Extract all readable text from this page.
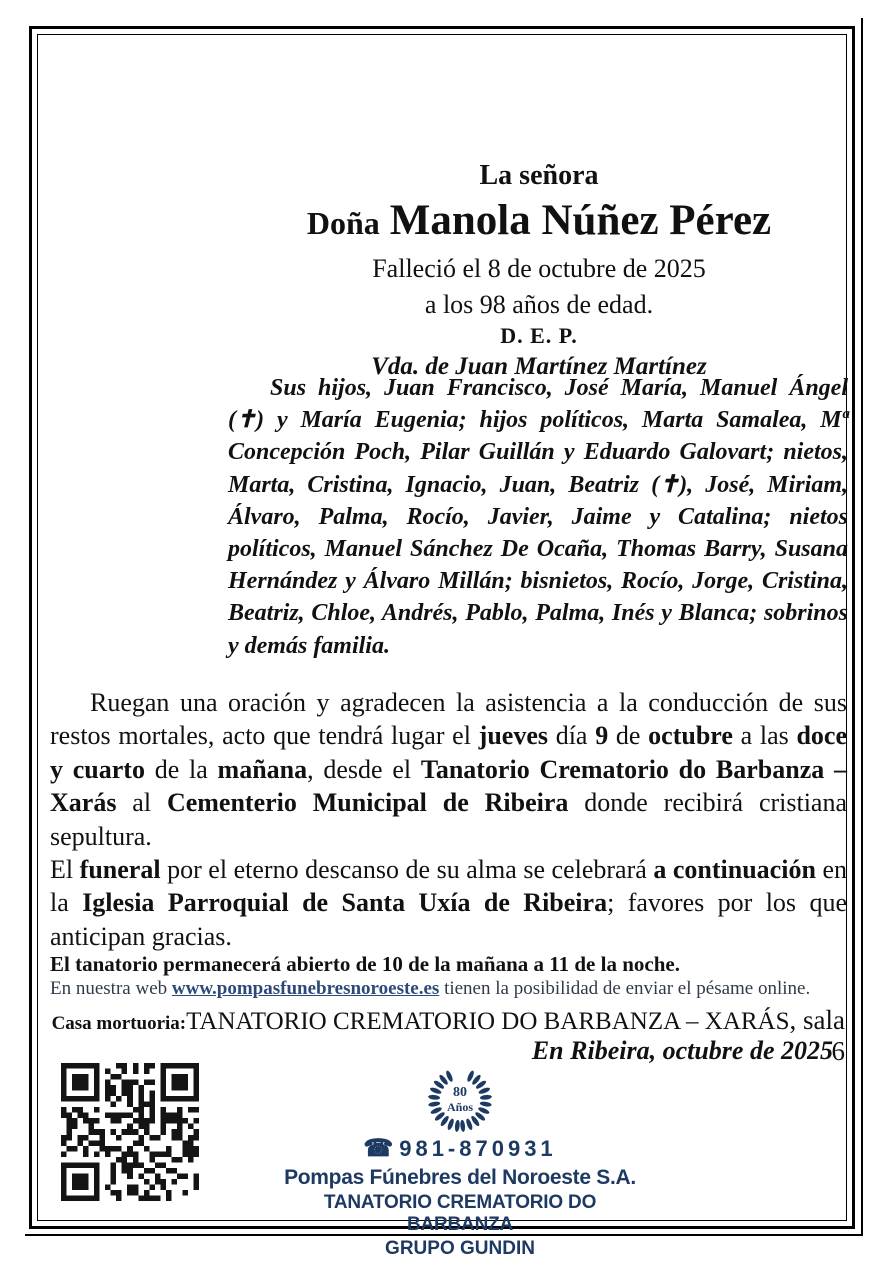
La señora
Doña Manola Núñez Pérez
Falleció el 8 de octubre de 2025
a los 98 años de edad.
D. E. P.
Vda. de Juan Martínez Martínez
Sus hijos, Juan Francisco, José María, Manuel Ángel (✝) y María Eugenia; hijos políticos, Marta Samalea, Mª Concepción Poch, Pilar Guillán y Eduardo Galovart; nietos, Marta, Cristina, Ignacio, Juan, Beatriz (✝), José, Miriam, Álvaro, Palma, Rocío, Javier, Jaime y Catalina; nietos políticos, Manuel Sánchez De Ocaña, Thomas Barry, Susana Hernández y Álvaro Millán; bisnietos, Rocío, Jorge, Cristina, Beatriz, Chloe, Andrés, Pablo, Palma, Inés y Blanca; sobrinos y demás familia.

Ruegan una oración y agradecen la asistencia a la conducción de sus restos mortales, acto que tendrá lugar el jueves día 9 de octubre a las doce y cuarto de la mañana, desde el Tanatorio Crematorio do Barbanza – Xarás al Cementerio Municipal de Ribeira donde recibirá cristiana sepultura.

El funeral por el eterno descanso de su alma se celebrará a continuación en la Iglesia Parroquial de Santa Uxía de Ribeira; favores por los que anticipan gracias.

El tanatorio permanecerá abierto de 10 de la mañana a 11 de la noche.
En nuestra web www.pompasfunebresnoroeste.es tienen la posibilidad de enviar el pésame online.
Casa mortuoria:TANATORIO CREMATORIO DO BARBANZA – XARÁS, sala 6
En Ribeira, octubre de 2025
80
Años
☎ 981-870931
Pompas Fúnebres del Noroeste S.A.
TANATORIO CREMATORIO DO BARBANZA
GRUPO GUNDIN
